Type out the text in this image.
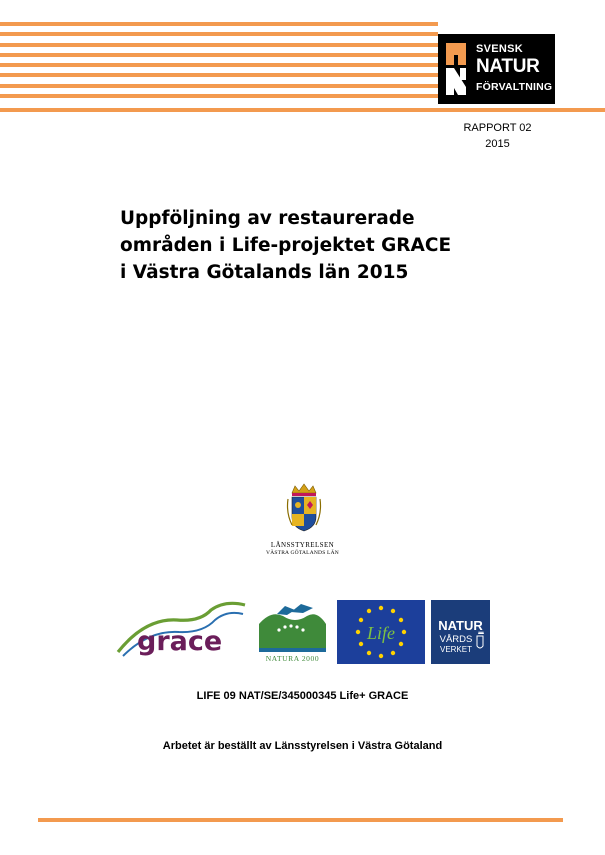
SVENSK
NATUR
FÖRVALTNING
RAPPORT 02
2015
Uppföljning av restaurerade
områden i Life-projektet GRACE
i Västra Götalands län 2015
LÄNSSTYRELSEN
VÄSTRA GÖTALANDS LÄN
grace
NATURA 2000
Life	NATUR
VÅRDS
VERKET
LIFE 09 NAT/SE/345000345 Life+ GRACE
Arbetet är beställt av Länsstyrelsen i Västra Götaland
